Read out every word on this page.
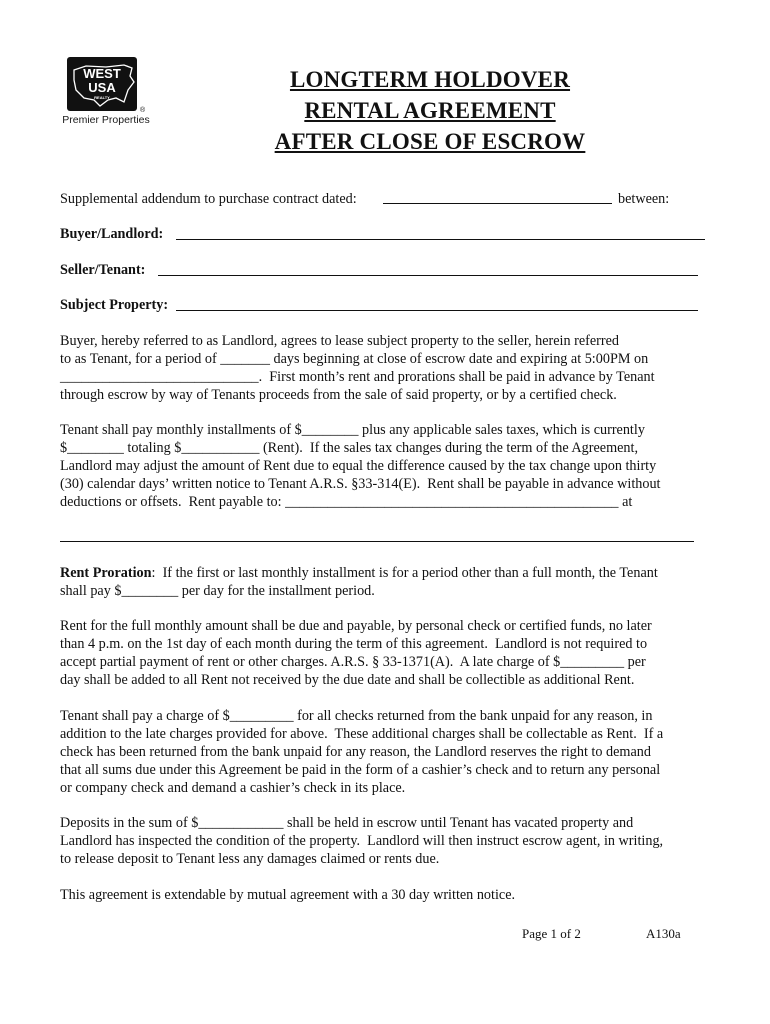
WEST
USA
REALTY
®
Premier Properties
LONGTERM HOLDOVER
RENTAL AGREEMENT
AFTER CLOSE OF ESCROW
Supplemental addendum to purchase contract dated:	between:
Buyer/Landlord:
Seller/Tenant:
Subject Property:
Buyer, hereby referred to as Landlord, agrees to lease subject property to the seller, herein referred
to as Tenant, for a period of _______ days beginning at close of escrow date and expiring at 5:00PM on
____________________________.  First month’s rent and prorations shall be paid in advance by Tenant
through escrow by way of Tenants proceeds from the sale of said property, or by a certified check.
Tenant shall pay monthly installments of $________ plus any applicable sales taxes, which is currently
$________ totaling $___________ (Rent).  If the sales tax changes during the term of the Agreement,
Landlord may adjust the amount of Rent due to equal the difference caused by the tax change upon thirty
(30) calendar days’ written notice to Tenant A.R.S. §33-314(E).  Rent shall be payable in advance without
deductions or offsets.  Rent payable to: _______________________________________________ at
Rent Proration:  If the first or last monthly installment is for a period other than a full month, the Tenant
shall pay $________ per day for the installment period.
Rent for the full monthly amount shall be due and payable, by personal check or certified funds, no later
than 4 p.m. on the 1st day of each month during the term of this agreement.  Landlord is not required to
accept partial payment of rent or other charges. A.R.S. § 33-1371(A).  A late charge of $_________ per
day shall be added to all Rent not received by the due date and shall be collectible as additional Rent.
Tenant shall pay a charge of $_________ for all checks returned from the bank unpaid for any reason, in
addition to the late charges provided for above.  These additional charges shall be collectable as Rent.  If a
check has been returned from the bank unpaid for any reason, the Landlord reserves the right to demand
that all sums due under this Agreement be paid in the form of a cashier’s check and to return any personal
or company check and demand a cashier’s check in its place.
Deposits in the sum of $____________ shall be held in escrow until Tenant has vacated property and
Landlord has inspected the condition of the property.  Landlord will then instruct escrow agent, in writing,
to release deposit to Tenant less any damages claimed or rents due.
This agreement is extendable by mutual agreement with a 30 day written notice.
Page 1 of 2	A130a
